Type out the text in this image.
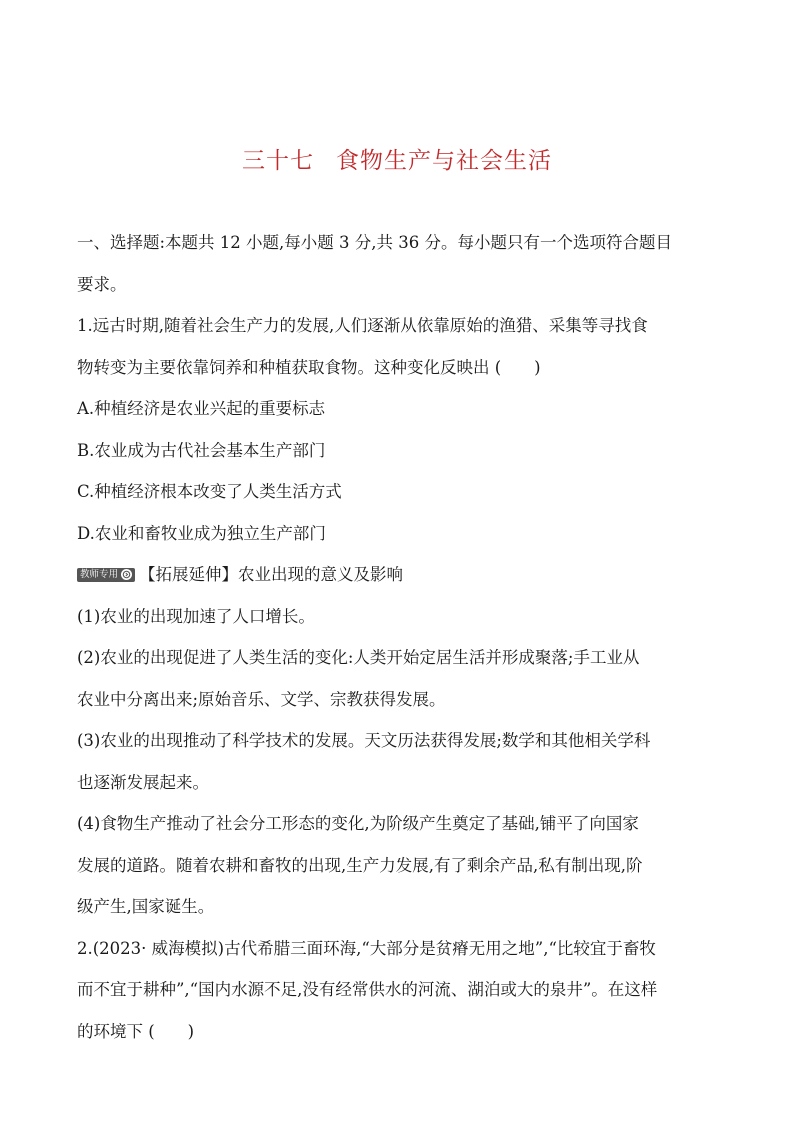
三十七 食物生产与社会生活
一、选择题:本题共 12 小题,每小题 3 分,共 36 分。每小题只有一个选项符合题目
要求。
1.远古时期,随着社会生产力的发展,人们逐渐从依靠原始的渔猎、采集等寻找食
物转变为主要依靠饲养和种植获取食物。这种变化反映出 (　　)
A.种植经济是农业兴起的重要标志
B.农业成为古代社会基本生产部门
C.种植经济根本改变了人类生活方式
D.农业和畜牧业成为独立生产部门
教师专用 【拓展延伸】农业出现的意义及影响
(1)农业的出现加速了人口增长。
(2)农业的出现促进了人类生活的变化:人类开始定居生活并形成聚落;手工业从
农业中分离出来;原始音乐、文学、宗教获得发展。
(3)农业的出现推动了科学技术的发展。天文历法获得发展;数学和其他相关学科
也逐渐发展起来。
(4)食物生产推动了社会分工形态的变化,为阶级产生奠定了基础,铺平了向国家
发展的道路。随着农耕和畜牧的出现,生产力发展,有了剩余产品,私有制出现,阶
级产生,国家诞生。
2.(2023· 威海模拟)古代希腊三面环海,“大部分是贫瘠无用之地”,“比较宜于畜牧
而不宜于耕种”,“国内水源不足,没有经常供水的河流、湖泊或大的泉井”。在这样
的环境下 (　　)
